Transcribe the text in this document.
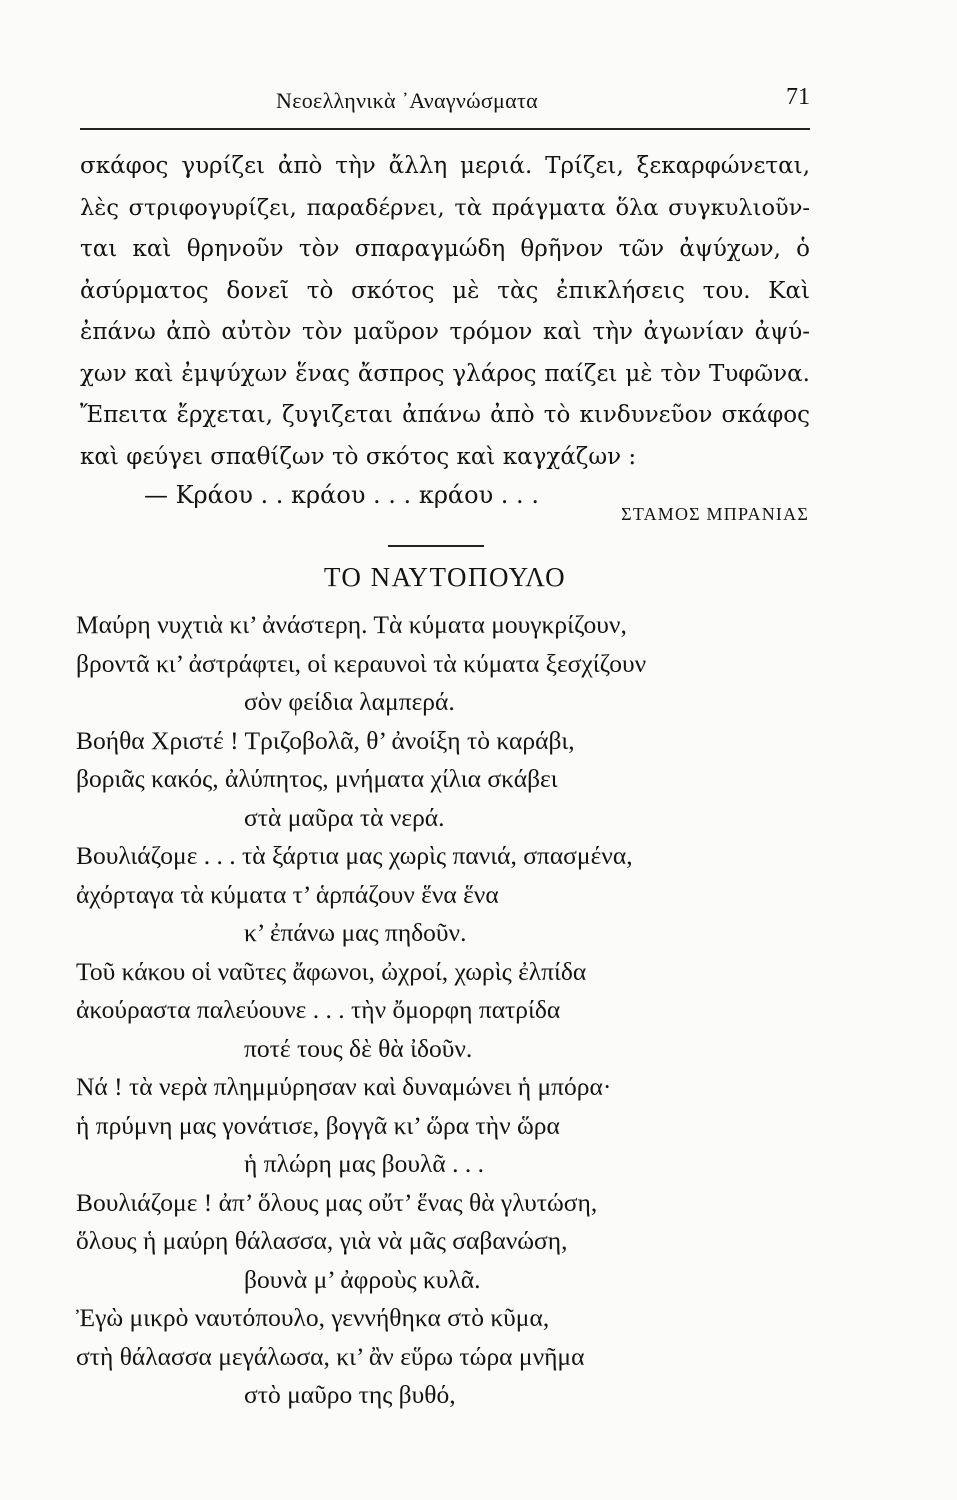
Νεοελληνικὰ ᾿Αναγνώσματα	71
σκάφος γυρίζει ἀπὸ τὴν ἄλλη μεριά. Τρίζει, ξεκαρφώνεται,
λὲς στριφογυρίζει, παραδέρνει, τὰ πράγματα ὅλα συγκυλιοῦν-
ται καὶ θρηνοῦν τὸν σπαραγμώδη θρῆνον τῶν ἀψύχων, ὁ
ἀσύρματος δονεῖ τὸ σκότος μὲ τὰς ἐπικλήσεις του. Καὶ
ἐπάνω ἀπὸ αὐτὸν τὸν μαῦρον τρόμον καὶ τὴν ἀγωνίαν ἀψύ-
χων καὶ ἐμψύχων ἕνας ἄσπρος γλάρος παίζει μὲ τὸν Τυφῶνα.
Ἔπειτα ἔρχεται, ζυγιζεται ἀπάνω ἀπὸ τὸ κινδυνεῦον σκάφος
καὶ φεύγει σπαθίζων τὸ σκότος καὶ καγχάζων :
— Κράου . . κράου . . . κράου . . .
ΣΤΑΜΟΣ ΜΠΡΑΝΙΑΣ
ΤΟ ΝΑΥΤΟΠΟΥΛΟ
Μαύρη νυχτιὰ κι’ ἀνάστερη. Τὰ κύματα μουγκρίζουν,
βροντᾶ κι’ ἀστράφτει, οἱ κεραυνοὶ τὰ κύματα ξεσχίζουν
σὸν φείδια λαμπερά.
Βοήθα Χριστέ ! Τριζοβολᾶ, θ’ ἀνοίξη τὸ καράβι,
βοριᾶς κακός, ἀλύπητος, μνήματα χίλια σκάβει
στὰ μαῦρα τὰ νερά.
Βουλιάζομε . . . τὰ ξάρτια μας χωρὶς πανιά, σπασμένα,
ἀχόρταγα τὰ κύματα τ’ ἁρπάζουν ἕνα ἕνα
κ’ ἐπάνω μας πηδοῦν.
Τοῦ κάκου οἱ ναῦτες ἄφωνοι, ὠχροί, χωρὶς ἐλπίδα
ἀκούραστα παλεύουνε . . . τὴν ὄμορφη πατρίδα
ποτέ τους δὲ θὰ ἰδοῦν.
Νά ! τὰ νερὰ πλημμύρησαν καὶ δυναμώνει ἡ μπόρα·
ἡ πρύμνη μας γονάτισε, βογγᾶ κι’ ὥρα τὴν ὥρα
ἡ πλώρη μας βουλᾶ . . .
Βουλιάζομε ! ἀπ’ ὅλους μας οὔτ’ ἕνας θὰ γλυτώση,
ὅλους ἡ μαύρη θάλασσα, γιὰ νὰ μᾶς σαβανώση,
βουνὰ μ’ ἀφροὺς κυλᾶ.
Ἐγὼ μικρὸ ναυτόπουλο, γεννήθηκα στὸ κῦμα,
στὴ θάλασσα μεγάλωσα, κι’ ἂν εὕρω τώρα μνῆμα
στὸ μαῦρο της βυθό,
